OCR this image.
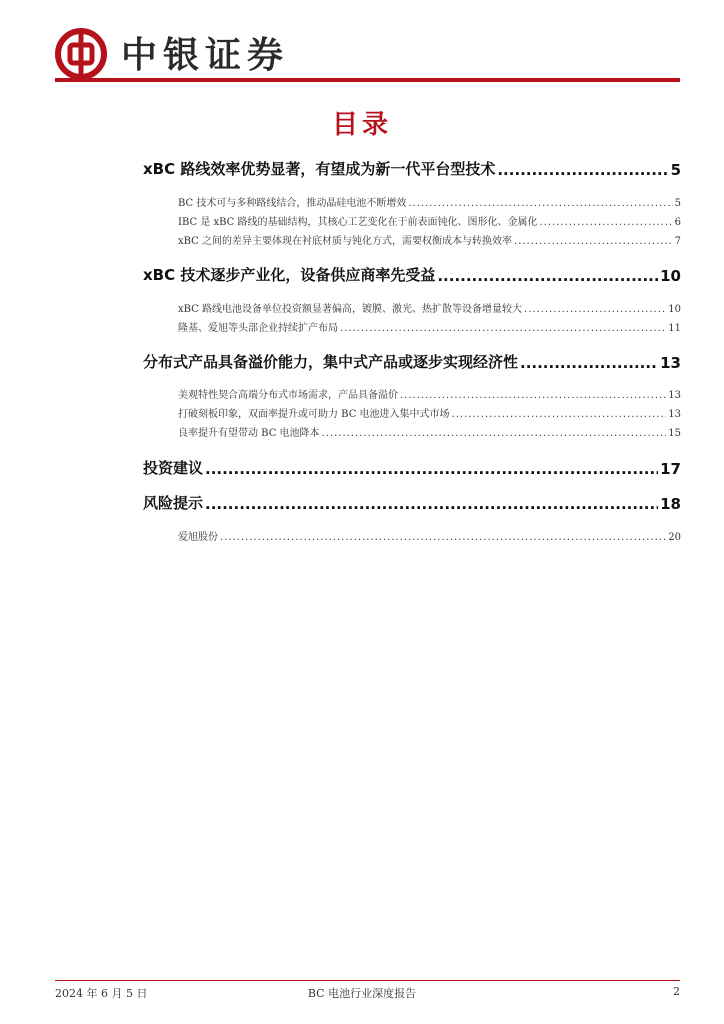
中银证券
目录
xBC 路线效率优势显著，有望成为新一代平台型技术 .....	5
BC 技术可与多种路线结合，推动晶硅电池不断增效 .....	5
IBC 是 xBC 路线的基础结构，其核心工艺变化在于前表面钝化、图形化、金属化 .....	6
xBC 之间的差异主要体现在衬底材质与钝化方式，需要权衡成本与转换效率 .....	7
xBC 技术逐步产业化，设备供应商率先受益 .....	10
xBC 路线电池设备单位投资额显著偏高，镀膜、激光、热扩散等设备增量较大 .....	10
隆基、爱旭等头部企业持续扩产布局 .....	11
分布式产品具备溢价能力，集中式产品或逐步实现经济性 .....	13
美观特性契合高端分布式市场需求，产品具备溢价 .....	13
打破刻板印象，双面率提升或可助力 BC 电池进入集中式市场 .....	13
良率提升有望带动 BC 电池降本 .....	15
投资建议 .....	17
风险提示 .....	18
爱旭股份 .....	20
2024 年 6 月 5 日	BC 电池行业深度报告	2
